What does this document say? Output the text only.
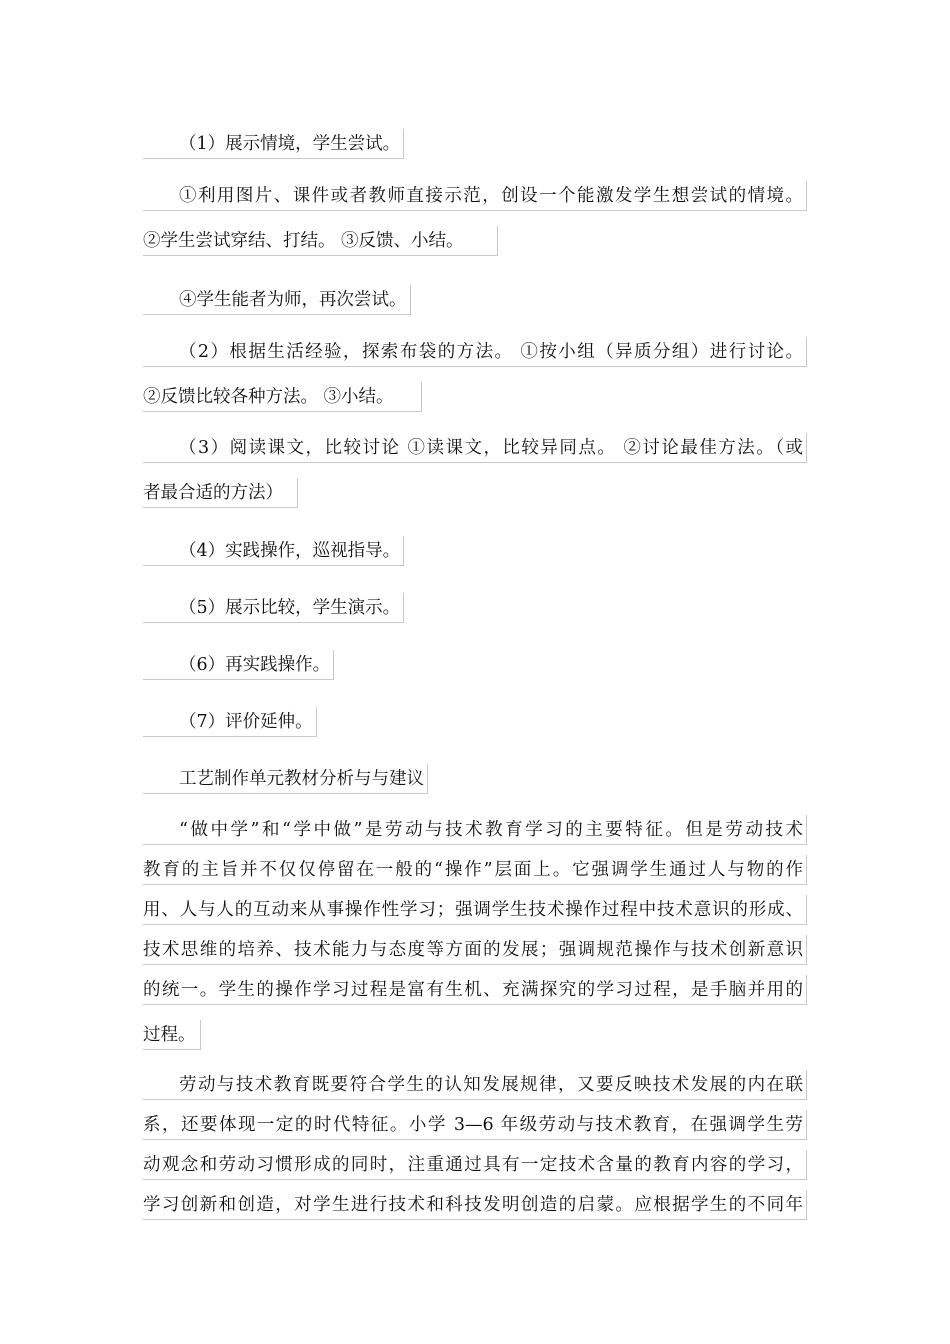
（1）展示情境，学生尝试。
①利用图片、课件或者教师直接示范，创设一个能激发学生想尝试的情境。
②学生尝试穿结、打结。 ③反馈、小结。
④学生能者为师，再次尝试。
（2）根据生活经验，探索布袋的方法。 ①按小组（异质分组）进行讨论。
②反馈比较各种方法。 ③小结。
（3）阅读课文，比较讨论 ①读课文，比较异同点。 ②讨论最佳方法。（或
者最合适的方法）
（4）实践操作，巡视指导。
（5）展示比较，学生演示。
（6）再实践操作。
（7）评价延伸。
工艺制作单元教材分析与与建议
“做中学”和“学中做”是劳动与技术教育学习的主要特征。但是劳动技术
教育的主旨并不仅仅停留在一般的“操作”层面上。它强调学生通过人与物的作
用、人与人的互动来从事操作性学习；强调学生技术操作过程中技术意识的形成、
技术思维的培养、技术能力与态度等方面的发展；强调规范操作与技术创新意识
的统一。学生的操作学习过程是富有生机、充满探究的学习过程，是手脑并用的
过程。
劳动与技术教育既要符合学生的认知发展规律，又要反映技术发展的内在联
系，还要体现一定的时代特征。小学 3—6 年级劳动与技术教育，在强调学生劳
动观念和劳动习惯形成的同时，注重通过具有一定技术含量的教育内容的学习，
学习创新和创造，对学生进行技术和科技发明创造的启蒙。应根据学生的不同年
